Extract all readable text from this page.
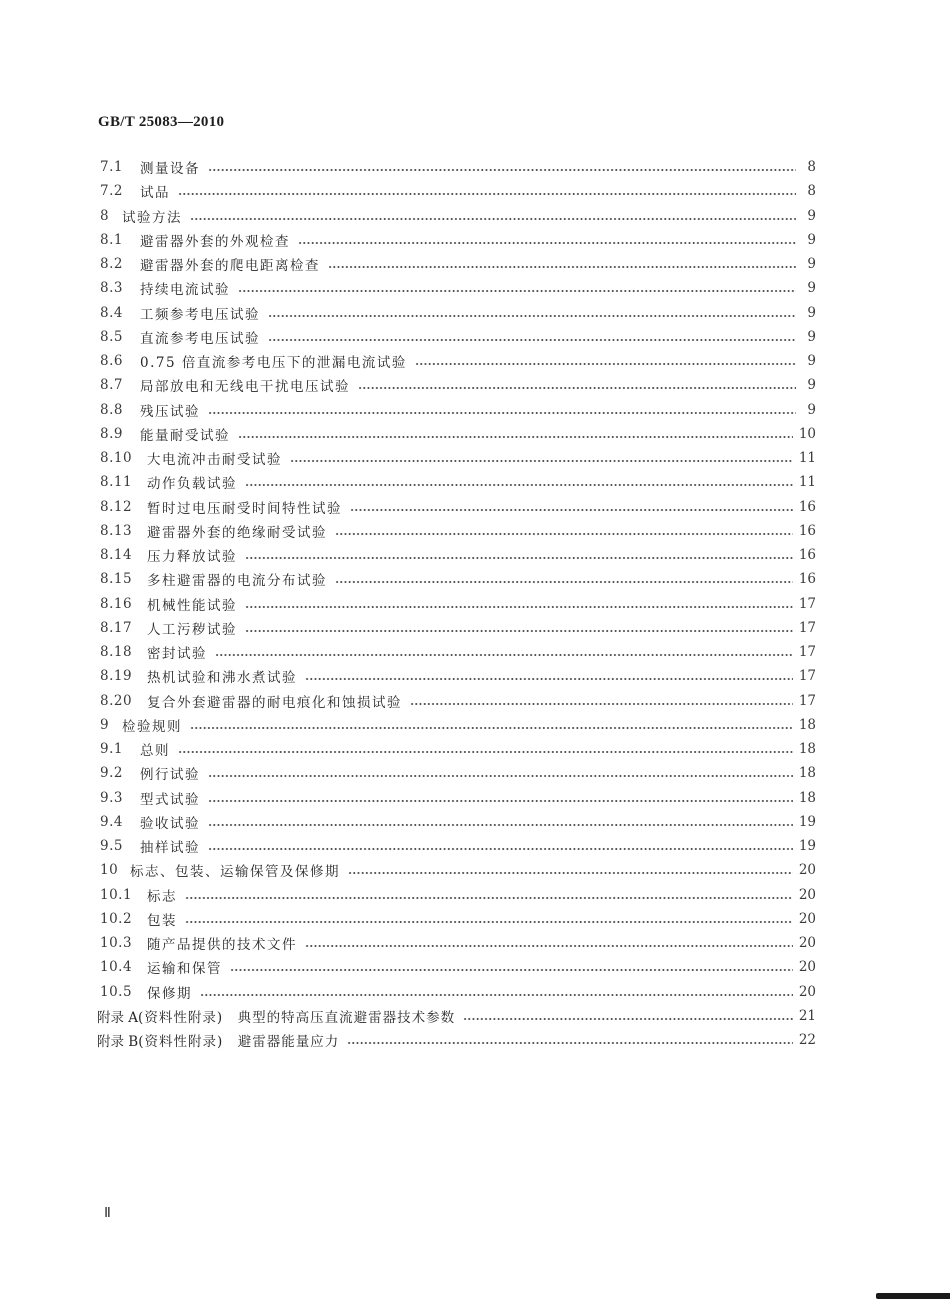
GB/T 25083—2010
7.1	测量设备	8
7.2	试品	8
8 试验方法	9
8.1	避雷器外套的外观检查	9
8.2	避雷器外套的爬电距离检查	9
8.3	持续电流试验	9
8.4	工频参考电压试验	9
8.5	直流参考电压试验	9
8.6	0.75 倍直流参考电压下的泄漏电流试验	9
8.7	局部放电和无线电干扰电压试验	9
8.8	残压试验	9
8.9	能量耐受试验	10
8.10	大电流冲击耐受试验	11
8.11	动作负载试验	11
8.12	暂时过电压耐受时间特性试验	16
8.13	避雷器外套的绝缘耐受试验	16
8.14	压力释放试验	16
8.15	多柱避雷器的电流分布试验	16
8.16	机械性能试验	17
8.17	人工污秽试验	17
8.18	密封试验	17
8.19	热机试验和沸水煮试验	17
8.20	复合外套避雷器的耐电痕化和蚀损试验	17
9 检验规则	18
9.1	总则	18
9.2	例行试验	18
9.3	型式试验	18
9.4	验收试验	19
9.5	抽样试验	19
10 标志、包装、运输保管及保修期	20
10.1	标志	20
10.2	包装	20
10.3	随产品提供的技术文件	20
10.4	运输和保管	20
10.5	保修期	20
附录 A (资料性附录)　典型的特高压直流避雷器技术参数	21
附录 B (资料性附录)　避雷器能量应力	22
Ⅱ
